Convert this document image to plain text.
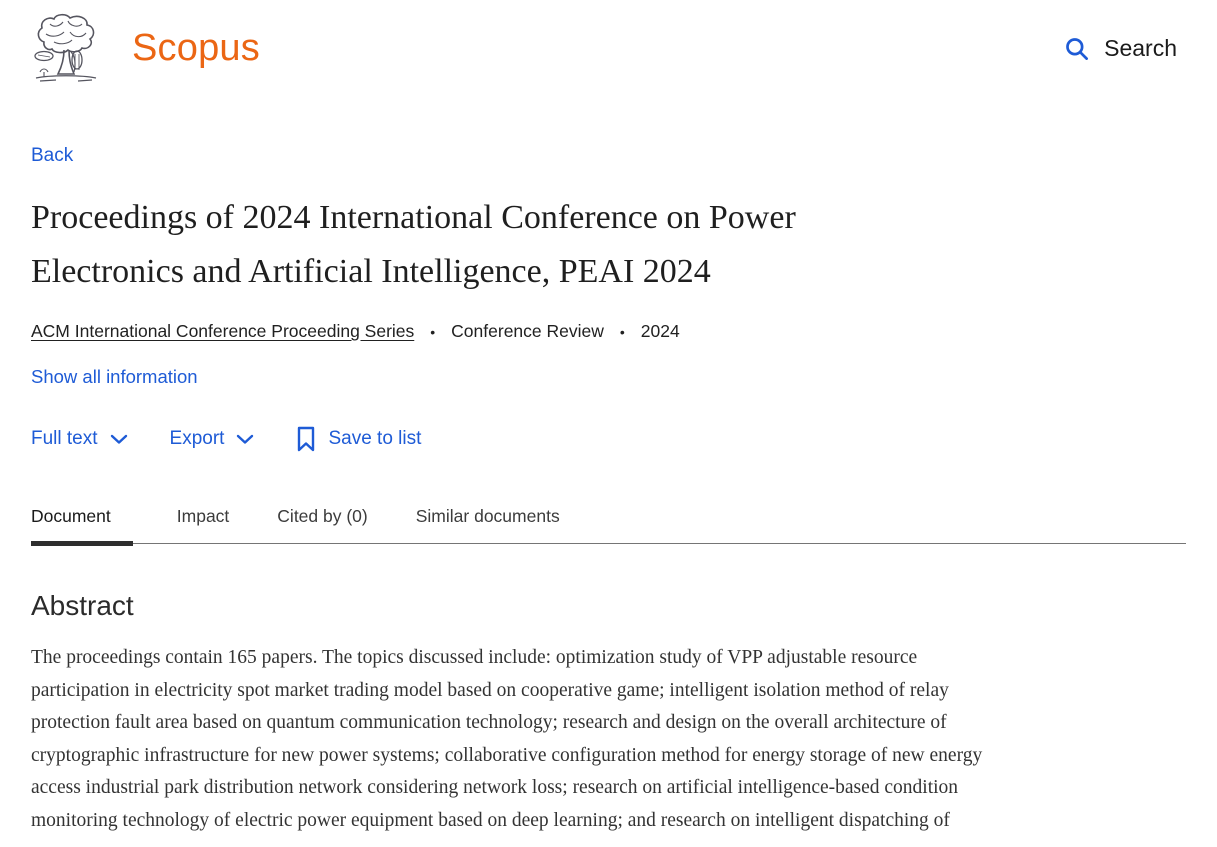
Scopus	Search
Back
Proceedings of 2024 International Conference on Power
Electronics and Artificial Intelligence, PEAI 2024
ACM International Conference Proceeding Series • Conference Review • 2024
Show all information
Full text	Export	Save to list
Document	Impact	Cited by (0)	Similar documents
Abstract

The proceedings contain 165 papers. The topics discussed include: optimization study of VPP adjustable resource
participation in electricity spot market trading model based on cooperative game; intelligent isolation method of relay
protection fault area based on quantum communication technology; research and design on the overall architecture of
cryptographic infrastructure for new power systems; collaborative configuration method for energy storage of new energy
access industrial park distribution network considering network loss; research on artificial intelligence-based condition
monitoring technology of electric power equipment based on deep learning; and research on intelligent dispatching of
